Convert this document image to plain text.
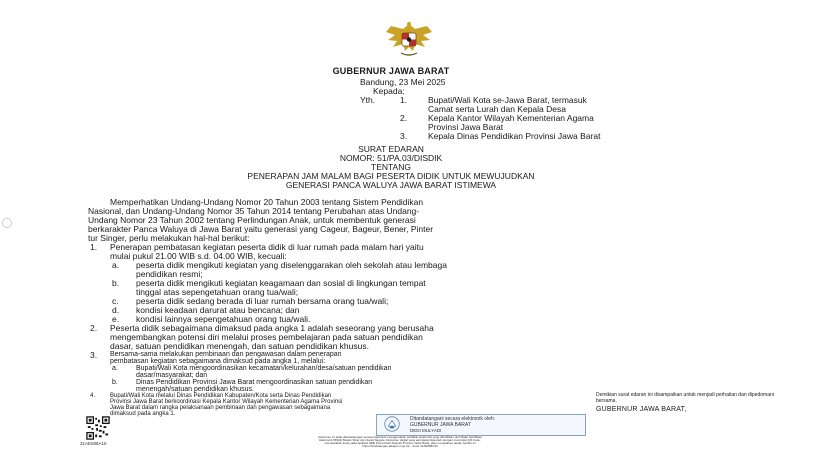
GUBERNUR JAWA BARAT
Bandung, 23 Mei 2025
Kepada:
Yth.	1. Bupati/Wali Kota se-Jawa Barat, termasuk
Camat serta Lurah dan Kepala Desa
2. Kepala Kantor Wilayah Kementerian Agama
Provinsi Jawa Barat
3. Kepala Dinas Pendidikan Provinsi Jawa Barat
SURAT EDARAN
NOMOR: 51/PA.03/DISDIK
TENTANG
PENERAPAN JAM MALAM BAGI PESERTA DIDIK UNTUK MEWUJUDKAN
GENERASI PANCA WALUYA JAWA BARAT ISTIMEWA
Memperhatikan Undang-Undang Nomor 20 Tahun 2003 tentang Sistem Pendidikan
Nasional, dan Undang-Undang Nomor 35 Tahun 2014 tentang Perubahan atas Undang-
Undang Nomor 23 Tahun 2002 tentang Perlindungan Anak, untuk membentuk generasi
berkarakter Panca Waluya di Jawa Barat yaitu generasi yang Cageur, Bageur, Bener, Pinter
tur Singer, perlu melakukan hal-hal berikut:
1. Penerapan pembatasan kegiatan peserta didik di luar rumah pada malam hari yaitu
mulai pukul 21.00 WIB s.d. 04.00 WIB, kecuali:
a. peserta didik mengikuti kegiatan yang diselenggarakan oleh sekolah atau lembaga
pendidikan resmi;
b. peserta didik mengikuti kegiatan keagamaan dan sosial di lingkungan tempat
tinggal atas sepengetahuan orang tua/wali;
c. peserta didik sedang berada di luar rumah bersama orang tua/wali;
d. kondisi keadaan darurat atau bencana; dan
e. kondisi lainnya sepengetahuan orang tua/wali.
2. Peserta didik sebagaimana dimaksud pada angka 1 adalah seseorang yang berusaha
mengembangkan potensi diri melalui proses pembelajaran pada satuan pendidikan
dasar, satuan pendidikan menengah, dan satuan pendidikan khusus.
3. Bersama-sama melakukan pembinaan dan pengawasan dalam penerapan
pembatasan kegiatan sebagaimana dimaksud pada angka 1, melalui:
a.	Bupati/Wali Kota mengoordinasikan kecamatan/kelurahan/desa/satuan pendidikan
dasar/masyarakat; dan
b.	Dinas Pendidikan Provinsi Jawa Barat mengoordinasikan satuan pendidikan
menengah/satuan pendidikan khusus.
4. Bupati/Wali Kota melalui Dinas Pendidikan Kabupaten/Kota serta Dinas Pendidikan
Provinsi Jawa Barat berkoordinasi Kepala Kantor Wilayah Kementerian Agama Provinsi
Jawa Barat dalam rangka pelaksanaan pembinaan dan pengawasan sebagaimana
dimaksud pada angka 1.
Demikian surat edaran ini disampaikan untuk menjadi perhatian dan dipedomani
bersama.
GUBERNUR JAWA BARAT,
Ditandatangani secara elektronik oleh:
GUBERNUR JAWA BARAT
DEDI MULYADI
31AE588A16
Dokumen ini telah ditandatangani secara elektronik menggunakan sertifikat elektronik yang diterbitkan oleh Balai Sertifikasi
Elektronik (BSrE) Badan Siber dan Sandi Negara. Dokumen digital yang asli dapat diperoleh dengan memindai QR Code,
memasukkan kode pada Aplikasi NDE Pemerintah Daerah Provinsi Jawa Barat, atau mengakses tautan berikut ini
https://tandatangan.jabarprov.go.id/... kode 31AE588A16
